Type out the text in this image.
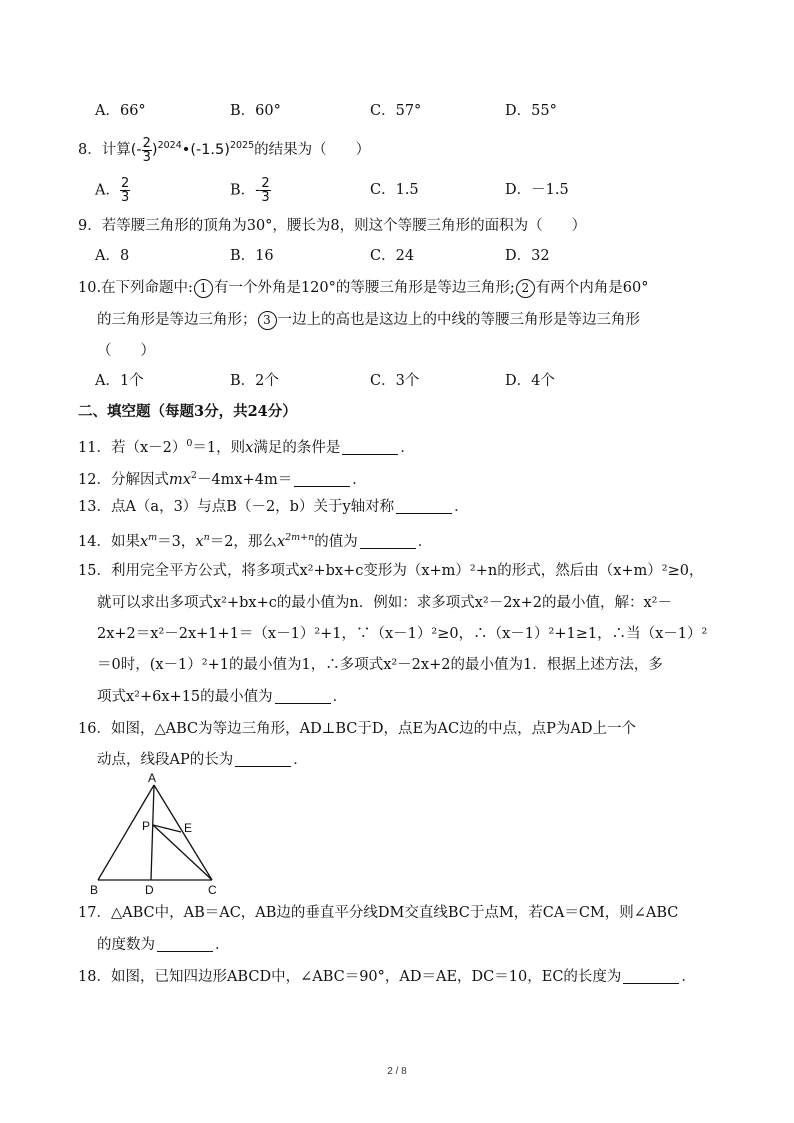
A．66°	B．60°	C．57°	D．55°
8．计算(- $\frac{2}{3}$ )$^{2024}•(-1.5)^{2025}$的结果为（　　）
A． $\frac{2}{3}$	B．- $\frac{2}{3}$	C．1.5	D．－1.5
9．若等腰三角形的顶角为30°，腰长为8，则这个等腰三角形的面积为（　　）
A．8	B．16	C．24	D．32
10.在下列命题中: 1 有一个外角是120°的等腰三角形是等边三角形; 2 有两个内角是60°
的三角形是等边三角形； 3 一边上的高也是这边上的中线的等腰三角形是等边三角形
（　　）
A．1个	B．2个	C．3个	D．4个
二、填空题（每题3分，共24分）
11．若$(x-2)^0=1$，则x满足的条件是	．
12．分解因式$mx^2-4mx+4m=$	．
13．点A（a，3）与点B（－2，b）关于y轴对称	．
14．如果$x^m=3$，$x^n=2$，那么$x^{2m+n}$的值为	．
15．利用完全平方公式，将多项式x²+bx+c变形为（x+m）²+n的形式，然后由（x+m）²≥0，
就可以求出多项式x²+bx+c的最小值为n．例如：求多项式x²－2x+2的最小值，解：x²－
2x+2＝x²－2x+1+1＝（x－1）²+1，∵（x－1）²≥0，∴（x－1）²+1≥1，∴当（x－1）²
＝0时，(x－1）²+1的最小值为1，∴多项式x²－2x+2的最小值为1．根据上述方法，多
项式x²+6x+15的最小值为	．
16．如图，△ABC为等边三角形，AD⊥BC于D，点E为AC边的中点，点P为AD上一个
动点，线段AP的长为	．
A
B	C
D
E
P
17．△ABC中，AB＝AC，AB边的垂直平分线DM交直线BC于点M，若CA＝CM，则∠ABC
的度数为	．
18．如图，已知四边形ABCD中，∠ABC＝90°，AD＝AE，DC＝10，EC的长度为	．
2 / 8
